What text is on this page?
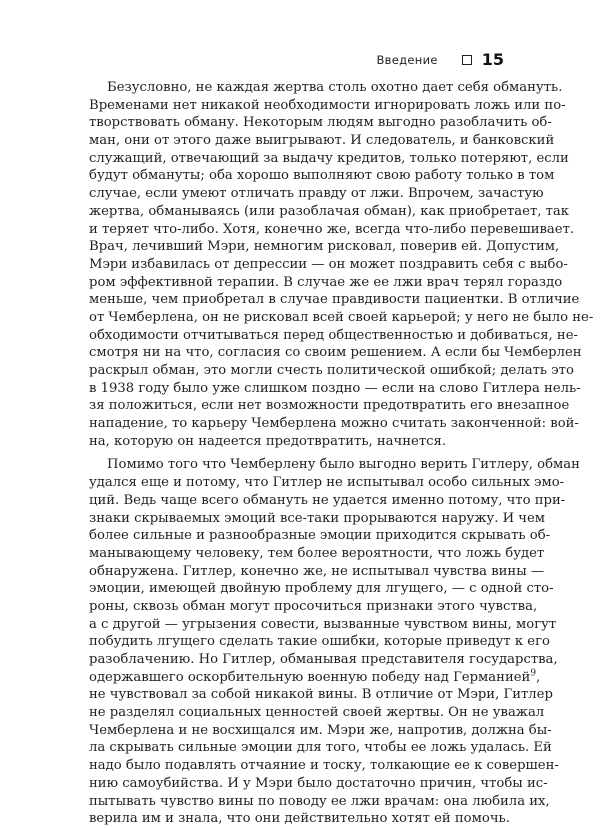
Введение	15
Безусловно, не каждая жертва столь охотно дает себя обмануть.
Временами нет никакой необходимости игнорировать ложь или по-
творствовать обману. Некоторым людям выгодно разоблачить об-
ман, они от этого даже выигрывают. И следователь, и банковский
служащий, отвечающий за выдачу кредитов, только потеряют, если
будут обмануты; оба хорошо выполняют свою работу только в том
случае, если умеют отличать правду от лжи. Впрочем, зачастую
жертва, обманываясь (или разоблачая обман), как приобретает, так
и теряет что-либо. Хотя, конечно же, всегда что-либо перевешивает.
Врач, лечивший Мэри, немногим рисковал, поверив ей. Допустим,
Мэри избавилась от депрессии — он может поздравить себя с выбо-
ром эффективной терапии. В случае же ее лжи врач терял гораздо
меньше, чем приобретал в случае правдивости пациентки. В отличие
от Чемберлена, он не рисковал всей своей карьерой; у него не было не-
обходимости отчитываться перед общественностью и добиваться, не-
смотря ни на что, согласия со своим решением. А если бы Чемберлен
раскрыл обман, это могли счесть политической ошибкой; делать это
в 1938 году было уже слишком поздно — если на слово Гитлера нель-
зя положиться, если нет возможности предотвратить его внезапное
нападение, то карьеру Чемберлена можно считать законченной: вой-
на, которую он надеется предотвратить, начнется.
Помимо того что Чемберлену было выгодно верить Гитлеру, обман
удался еще и потому, что Гитлер не испытывал особо сильных эмо-
ций. Ведь чаще всего обмануть не удается именно потому, что при-
знаки скрываемых эмоций все-таки прорываются наружу. И чем
более сильные и разнообразные эмоции приходится скрывать об-
манывающему человеку, тем более вероятности, что ложь будет
обнаружена. Гитлер, конечно же, не испытывал чувства вины —
эмоции, имеющей двойную проблему для лгущего, — с одной сто-
роны, сквозь обман могут просочиться признаки этого чувства,
а с другой — угрызения совести, вызванные чувством вины, могут
побудить лгущего сделать такие ошибки, которые приведут к его
разоблачению. Но Гитлер, обманывая представителя государства,
одержавшего оскорбительную военную победу над Германией$^9$,
не чувствовал за собой никакой вины. В отличие от Мэри, Гитлер
не разделял социальных ценностей своей жертвы. Он не уважал
Чемберлена и не восхищался им. Мэри же, напротив, должна бы-
ла скрывать сильные эмоции для того, чтобы ее ложь удалась. Ей
надо было подавлять отчаяние и тоску, толкающие ее к совершен-
нию самоубийства. И у Мэри было достаточно причин, чтобы ис-
пытывать чувство вины по поводу ее лжи врачам: она любила их,
верила им и знала, что они действительно хотят ей помочь.
